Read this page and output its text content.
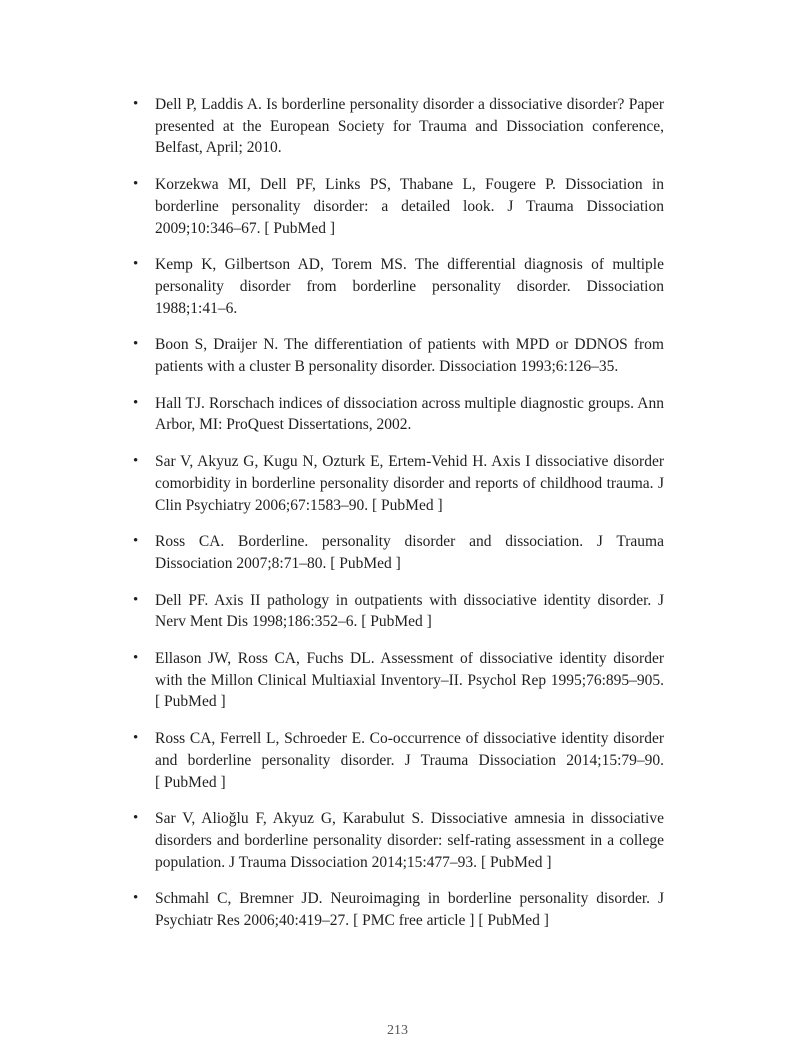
•	Dell P, Laddis A. Is borderline personality disorder a dissociative disorder? Paper presented at the European Society for Trauma and Dissociation conference, Belfast, April; 2010.
•	Korzekwa MI, Dell PF, Links PS, Thabane L, Fougere P. Dissociation in borderline personality disorder: a detailed look. J Trauma Dissociation 2009;10:346–67. [ PubMed ]
•	Kemp K, Gilbertson AD, Torem MS. The differential diagnosis of multiple personality disorder from borderline personality disorder. Dissociation 1988;1:41–6.
•	Boon S, Draijer N. The differentiation of patients with MPD or DDNOS from patients with a cluster B personality disorder. Dissociation 1993;6:126–35.
•	Hall TJ. Rorschach indices of dissociation across multiple diagnostic groups. Ann Arbor, MI: ProQuest Dissertations, 2002.
•	Sar V, Akyuz G, Kugu N, Ozturk E, Ertem-Vehid H. Axis I dissociative disorder comorbidity in borderline personality disorder and reports of childhood trauma. J Clin Psychiatry 2006;67:1583–90. [ PubMed ]
•	Ross CA. Borderline. personality disorder and dissociation. J Trauma Dissociation 2007;8:71–80. [ PubMed ]
•	Dell PF. Axis II pathology in outpatients with dissociative identity disorder. J Nerv Ment Dis 1998;186:352–6. [ PubMed ]
•	Ellason JW, Ross CA, Fuchs DL. Assessment of dissociative identity disorder with the Millon Clinical Multiaxial Inventory–II. Psychol Rep 1995;76:895–905. [ PubMed ]
•	Ross CA, Ferrell L, Schroeder E. Co-occurrence of dissociative identity disorder and borderline personality disorder. J Trauma Dissociation 2014;15:79–90. [ PubMed ]
•	Sar V, Alioğlu F, Akyuz G, Karabulut S. Dissociative amnesia in dissociative disorders and borderline personality disorder: self-rating assessment in a college population. J Trauma Dissociation 2014;15:477–93. [ PubMed ]
•	Schmahl C, Bremner JD. Neuroimaging in borderline personality disorder. J Psychiatr Res 2006;40:419–27. [ PMC free article ] [ PubMed ]
213
